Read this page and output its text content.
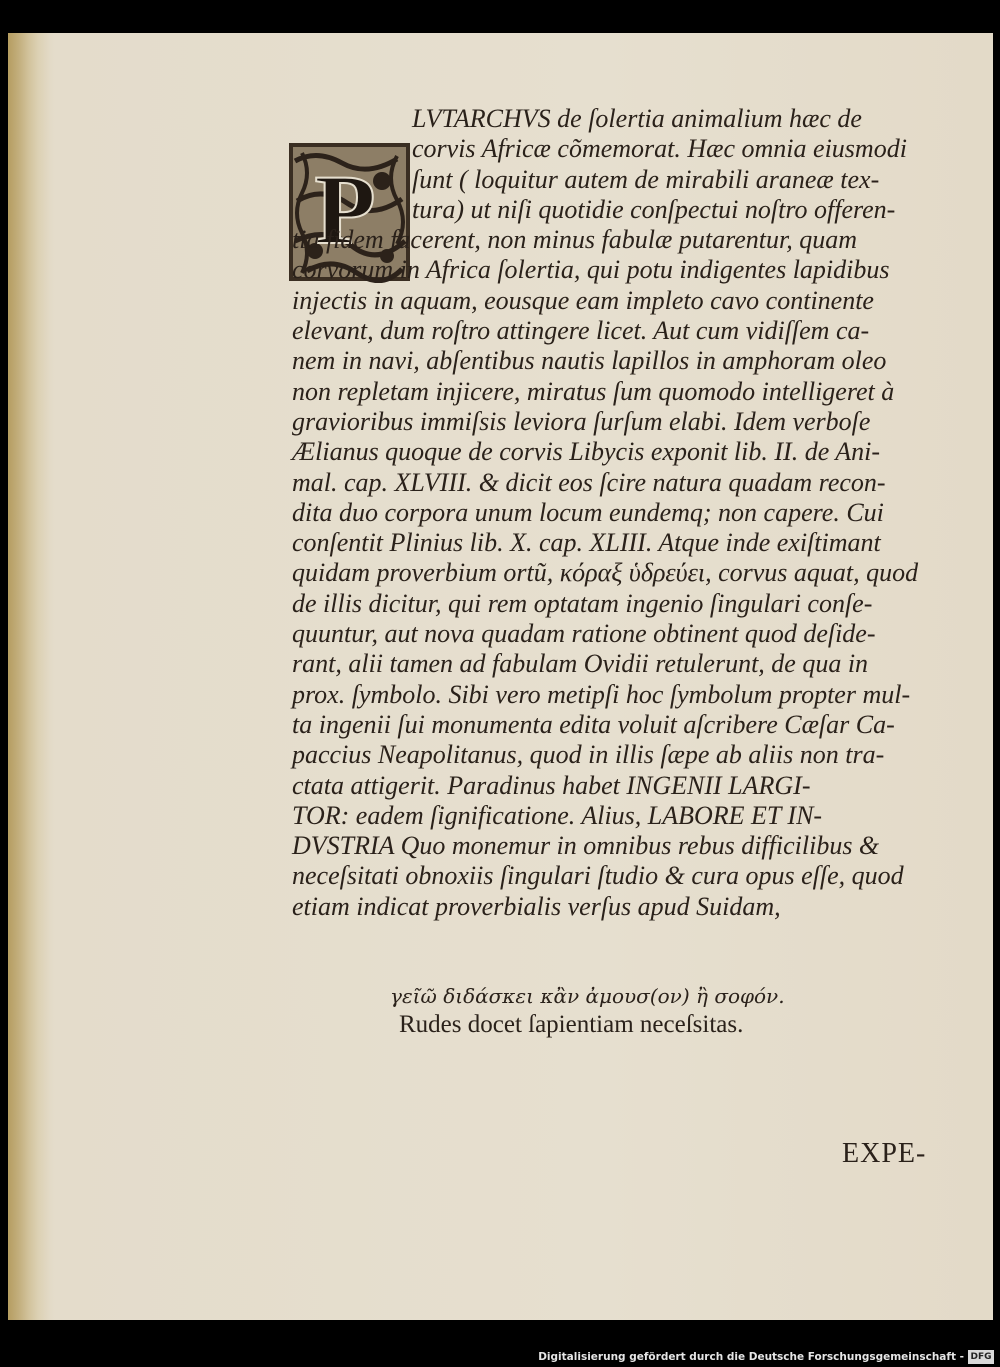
P
LVTARCHVS de ſolertia animalium hæc de
corvis Africæ cõmemorat. Hæc omnia eiusmodi
ſunt ( loquitur autem de mirabili araneæ tex-
tura) ut niſi quotidie conſpectui noſtro offeren-
tia fidem facerent, non minus fabulæ putarentur, quam
corvorum in Africa ſolertia, qui potu indigentes lapidibus
injectis in aquam, eousque eam impleto cavo continente
elevant, dum roſtro attingere licet. Aut cum vidiſſem ca-
nem in navi, abſentibus nautis lapillos in amphoram oleo
non repletam injicere, miratus ſum quomodo intelligeret à
gravioribus immiſsis leviora ſurſum elabi. Idem verboſe
Ælianus quoque de corvis Libycis exponit lib. II. de Ani-
mal. cap. XLVIII. & dicit eos ſcire natura quadam recon-
dita duo corpora unum locum eundemq; non capere. Cui
conſentit Plinius lib. X. cap. XLIII. Atque inde exiſtimant
quidam proverbium ortũ, κόραξ ὑδρεύει, corvus aquat, quod
de illis dicitur, qui rem optatam ingenio ſingulari conſe-
quuntur, aut nova quadam ratione obtinent quod deſide-
rant, alii tamen ad fabulam Ovidii retulerunt, de qua in
prox. ſymbolo. Sibi vero metipſi hoc ſymbolum propter mul-
ta ingenii ſui monumenta edita voluit aſcribere Cæſar Ca-
paccius Neapolitanus, quod in illis ſæpe ab aliis non tra-
ctata attigerit. Paradinus habet INGENII LARGI-
TOR: eadem ſignificatione. Alius, LABORE ET IN-
DVSTRIA Quo monemur in omnibus rebus difficilibus &
neceſsitati obnoxiis ſingulari ſtudio & cura opus eſſe, quod
etiam indicat proverbialis verſus apud Suidam,
γεῖῶ διδάσκει κἂν ἀμουσ(ον) ἢ σοφόν.
Rudes docet ſapientiam neceſsitas.
EXPE-
Digitalisierung gefördert durch die Deutsche Forschungsgemeinschaft - DFG
